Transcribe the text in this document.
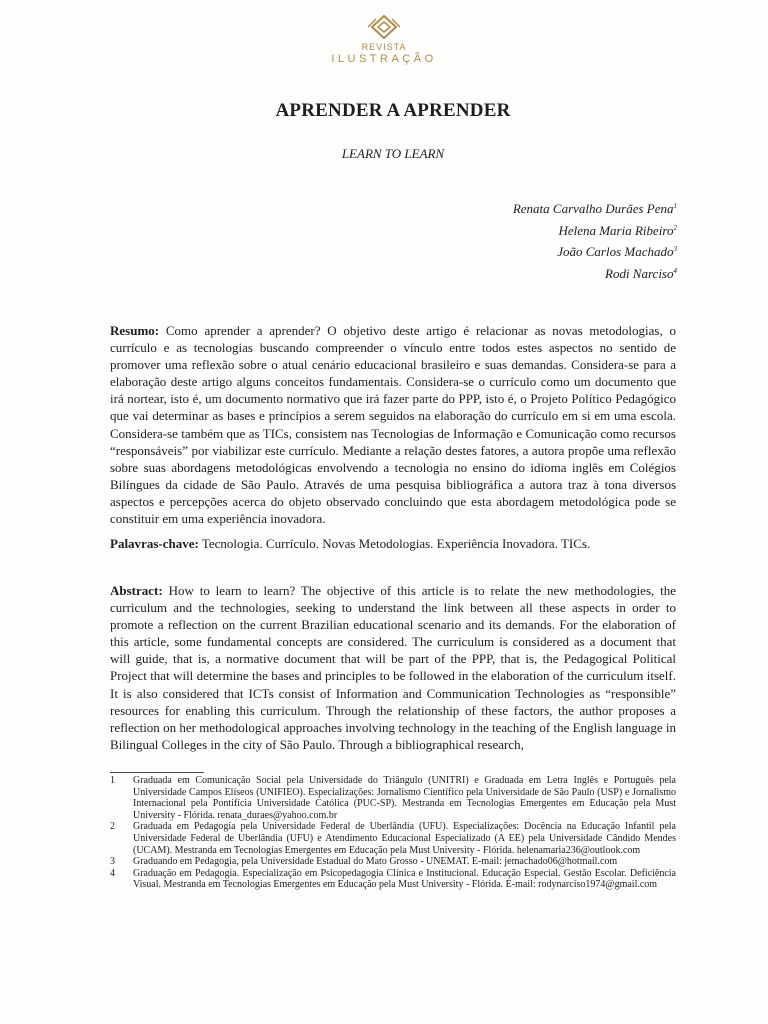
REVISTA
ILUSTRAÇÃO
APRENDER A APRENDER
LEARN TO LEARN
Renata Carvalho Durães Pena$^1$
Helena Maria Ribeiro$^2$
João Carlos Machado$^3$
Rodi Narciso$^4$
Resumo: Como aprender a aprender? O objetivo deste artigo é relacionar as novas metodologias, o currículo e as tecnologias buscando compreender o vínculo entre todos estes aspectos no sentido de promover uma reflexão sobre o atual cenário educacional brasileiro e suas demandas. Considera-se para a elaboração deste artigo alguns conceitos fundamentais. Considera-se o currículo como um documento que irá nortear, isto é, um documento normativo que irá fazer parte do PPP, isto é, o Projeto Político Pedagógico que vai determinar as bases e princípios a serem seguidos na elaboração do currículo em si em uma escola. Considera-se também que as TICs, consistem nas Tecnologias de Informação e Comunicação como recursos “responsáveis” por viabilizar este currículo. Mediante a relação destes fatores, a autora propõe uma reflexão sobre suas abordagens metodológicas envolvendo a tecnologia no ensino do idioma inglês em Colégios Bilíngues da cidade de São Paulo. Através de uma pesquisa bibliográfica a autora traz à tona diversos aspectos e percepções acerca do objeto observado concluindo que esta abordagem metodológica pode se constituir em uma experiência inovadora.
Palavras-chave: Tecnologia. Currículo. Novas Metodologias. Experiência Inovadora. TICs.
Abstract: How to learn to learn? The objective of this article is to relate the new methodologies, the curriculum and the technologies, seeking to understand the link between all these aspects in order to promote a reflection on the current Brazilian educational scenario and its demands. For the elaboration of this article, some fundamental concepts are considered. The curriculum is considered as a document that will guide, that is, a normative document that will be part of the PPP, that is, the Pedagogical Political Project that will determine the bases and principles to be followed in the elaboration of the curriculum itself. It is also considered that ICTs consist of Information and Communication Technologies as “responsible” resources for enabling this curriculum. Through the relationship of these factors, the author proposes a reflection on her methodological approaches involving technology in the teaching of the English language in Bilingual Colleges in the city of São Paulo. Through a bibliographical research,
1	Graduada em Comunicação Social pela Universidade do Triângulo (UNITRI) e Graduada em Letra Inglês e Português pela Universidade Campos Elíseos (UNIFIEO). Especializações: Jornalismo Científico pela Universidade de São Paulo (USP) e Jornalismo Internacional pela Pontifícia Universidade Católica (PUC-SP). Mestranda em Tecnologias Emergentes em Educação pela Must University - Flórida. renata_duraes@yahoo.com.br
2	Graduada em Pedagogia pela Universidade Federal de Uberlândia (UFU). Especializações: Docência na Educação Infantil pela Universidade Federal de Uberlândia (UFU) e Atendimento Educacional Especializado (A EE) pela Universidade Cândido Mendes (UCAM). Mestranda em Tecnologias Emergentes em Educação pela Must University - Flórida. helenamaria236@outlook.com
3	Graduando em Pedagogia, pela Universidade Estadual do Mato Grosso - UNEMAT. E-mail: jemachado06@hotmail.com
4	Graduação em Pedagogia. Especialização em Psicopedagogia Clínica e Institucional. Educação Especial. Gestão Escolar. Deficiência Visual. Mestranda em Tecnologias Emergentes em Educação pela Must University - Flórida. E-mail: rodynarciso1974@gmail.com
